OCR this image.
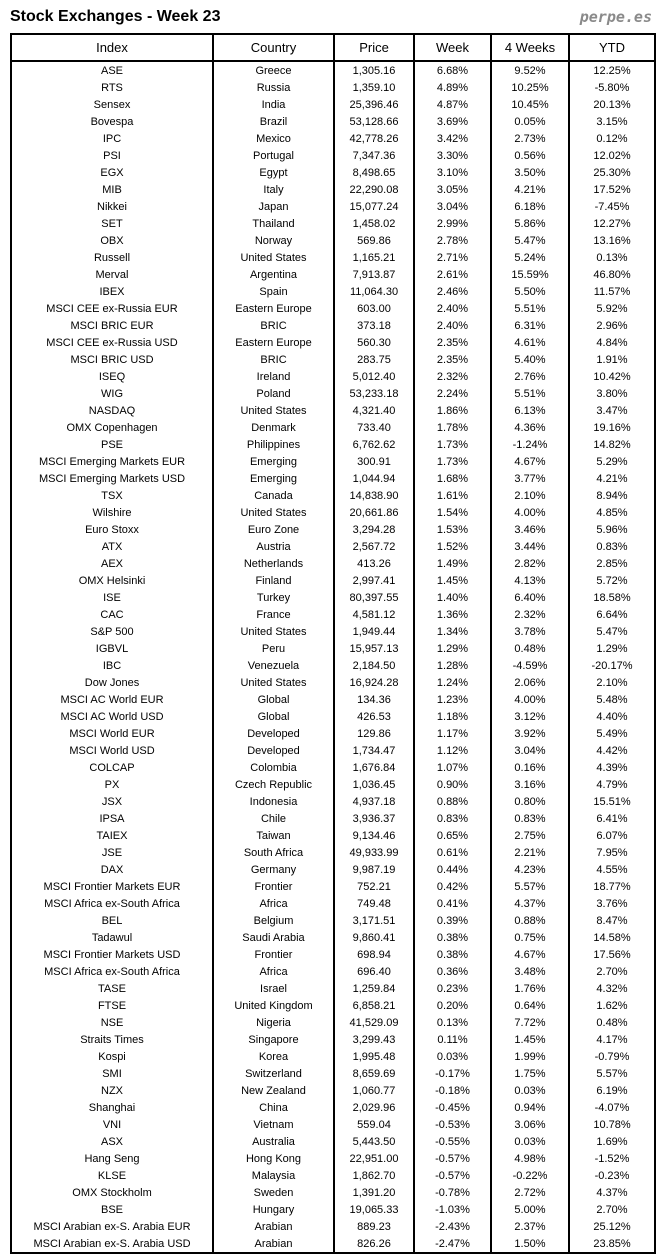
Stock Exchanges - Week 23	perpe.es
Index	Country	Price	Week	4 Weeks	YTD
ASE	Greece	1,305.16	6.68%	9.52%	12.25%
RTS	Russia	1,359.10	4.89%	10.25%	-5.80%
Sensex	India	25,396.46	4.87%	10.45%	20.13%
Bovespa	Brazil	53,128.66	3.69%	0.05%	3.15%
IPC	Mexico	42,778.26	3.42%	2.73%	0.12%
PSI	Portugal	7,347.36	3.30%	0.56%	12.02%
EGX	Egypt	8,498.65	3.10%	3.50%	25.30%
MIB	Italy	22,290.08	3.05%	4.21%	17.52%
Nikkei	Japan	15,077.24	3.04%	6.18%	-7.45%
SET	Thailand	1,458.02	2.99%	5.86%	12.27%
OBX	Norway	569.86	2.78%	5.47%	13.16%
Russell	United States	1,165.21	2.71%	5.24%	0.13%
Merval	Argentina	7,913.87	2.61%	15.59%	46.80%
IBEX	Spain	11,064.30	2.46%	5.50%	11.57%
MSCI CEE ex-Russia EUR	Eastern Europe	603.00	2.40%	5.51%	5.92%
MSCI BRIC EUR	BRIC	373.18	2.40%	6.31%	2.96%
MSCI CEE ex-Russia USD	Eastern Europe	560.30	2.35%	4.61%	4.84%
MSCI BRIC USD	BRIC	283.75	2.35%	5.40%	1.91%
ISEQ	Ireland	5,012.40	2.32%	2.76%	10.42%
WIG	Poland	53,233.18	2.24%	5.51%	3.80%
NASDAQ	United States	4,321.40	1.86%	6.13%	3.47%
OMX Copenhagen	Denmark	733.40	1.78%	4.36%	19.16%
PSE	Philippines	6,762.62	1.73%	-1.24%	14.82%
MSCI Emerging Markets EUR	Emerging	300.91	1.73%	4.67%	5.29%
MSCI Emerging Markets USD	Emerging	1,044.94	1.68%	3.77%	4.21%
TSX	Canada	14,838.90	1.61%	2.10%	8.94%
Wilshire	United States	20,661.86	1.54%	4.00%	4.85%
Euro Stoxx	Euro Zone	3,294.28	1.53%	3.46%	5.96%
ATX	Austria	2,567.72	1.52%	3.44%	0.83%
AEX	Netherlands	413.26	1.49%	2.82%	2.85%
OMX Helsinki	Finland	2,997.41	1.45%	4.13%	5.72%
ISE	Turkey	80,397.55	1.40%	6.40%	18.58%
CAC	France	4,581.12	1.36%	2.32%	6.64%
S&P 500	United States	1,949.44	1.34%	3.78%	5.47%
IGBVL	Peru	15,957.13	1.29%	0.48%	1.29%
IBC	Venezuela	2,184.50	1.28%	-4.59%	-20.17%
Dow Jones	United States	16,924.28	1.24%	2.06%	2.10%
MSCI AC World EUR	Global	134.36	1.23%	4.00%	5.48%
MSCI AC World USD	Global	426.53	1.18%	3.12%	4.40%
MSCI World EUR	Developed	129.86	1.17%	3.92%	5.49%
MSCI World USD	Developed	1,734.47	1.12%	3.04%	4.42%
COLCAP	Colombia	1,676.84	1.07%	0.16%	4.39%
PX	Czech Republic	1,036.45	0.90%	3.16%	4.79%
JSX	Indonesia	4,937.18	0.88%	0.80%	15.51%
IPSA	Chile	3,936.37	0.83%	0.83%	6.41%
TAIEX	Taiwan	9,134.46	0.65%	2.75%	6.07%
JSE	South Africa	49,933.99	0.61%	2.21%	7.95%
DAX	Germany	9,987.19	0.44%	4.23%	4.55%
MSCI Frontier Markets EUR	Frontier	752.21	0.42%	5.57%	18.77%
MSCI Africa ex-South Africa	Africa	749.48	0.41%	4.37%	3.76%
BEL	Belgium	3,171.51	0.39%	0.88%	8.47%
Tadawul	Saudi Arabia	9,860.41	0.38%	0.75%	14.58%
MSCI Frontier Markets USD	Frontier	698.94	0.38%	4.67%	17.56%
MSCI Africa ex-South Africa	Africa	696.40	0.36%	3.48%	2.70%
TASE	Israel	1,259.84	0.23%	1.76%	4.32%
FTSE	United Kingdom	6,858.21	0.20%	0.64%	1.62%
NSE	Nigeria	41,529.09	0.13%	7.72%	0.48%
Straits Times	Singapore	3,299.43	0.11%	1.45%	4.17%
Kospi	Korea	1,995.48	0.03%	1.99%	-0.79%
SMI	Switzerland	8,659.69	-0.17%	1.75%	5.57%
NZX	New Zealand	1,060.77	-0.18%	0.03%	6.19%
Shanghai	China	2,029.96	-0.45%	0.94%	-4.07%
VNI	Vietnam	559.04	-0.53%	3.06%	10.78%
ASX	Australia	5,443.50	-0.55%	0.03%	1.69%
Hang Seng	Hong Kong	22,951.00	-0.57%	4.98%	-1.52%
KLSE	Malaysia	1,862.70	-0.57%	-0.22%	-0.23%
OMX Stockholm	Sweden	1,391.20	-0.78%	2.72%	4.37%
BSE	Hungary	19,065.33	-1.03%	5.00%	2.70%
MSCI Arabian ex-S. Arabia EUR	Arabian	889.23	-2.43%	2.37%	25.12%
MSCI Arabian ex-S. Arabia USD	Arabian	826.26	-2.47%	1.50%	23.85%
